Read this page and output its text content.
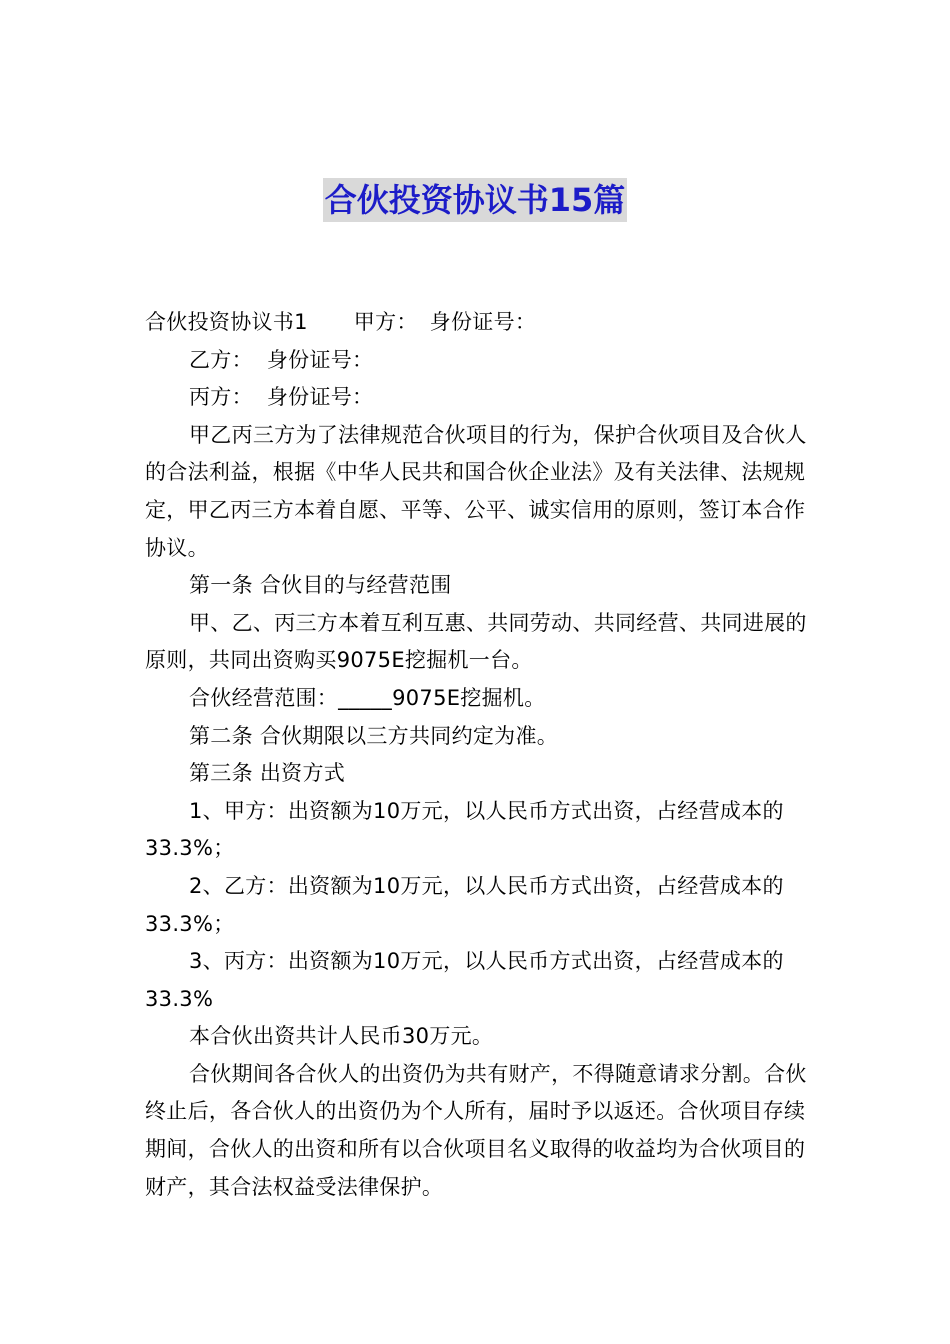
合伙投资协议书15篇

合伙投资协议书1 甲方： 身份证号：

乙方：  身份证号：

丙方：  身份证号：

甲乙丙三方为了法律规范合伙项目的行为，保护合伙项目及合伙人的合法利益，根据《中华人民共和国合伙企业法》及有关法律、法规规定，甲乙丙三方本着自愿、平等、公平、诚实信用的原则，签订本合作协议。

第一条 合伙目的与经营范围

甲、乙、丙三方本着互利互惠、共同劳动、共同经营、共同进展的原则，共同出资购买9075E挖掘机一台。

合伙经营范围：_____9075E挖掘机。

第二条 合伙期限以三方共同约定为准。

第三条 出资方式

1、甲方：出资额为10万元，以人民币方式出资，占经营成本的33.3%；

2、乙方：出资额为10万元，以人民币方式出资，占经营成本的33.3%；

3、丙方：出资额为10万元，以人民币方式出资，占经营成本的33.3%

本合伙出资共计人民币30万元。

合伙期间各合伙人的出资仍为共有财产，不得随意请求分割。合伙终止后，各合伙人的出资仍为个人所有，届时予以返还。合伙项目存续期间，合伙人的出资和所有以合伙项目名义取得的收益均为合伙项目的财产，其合法权益受法律保护。
